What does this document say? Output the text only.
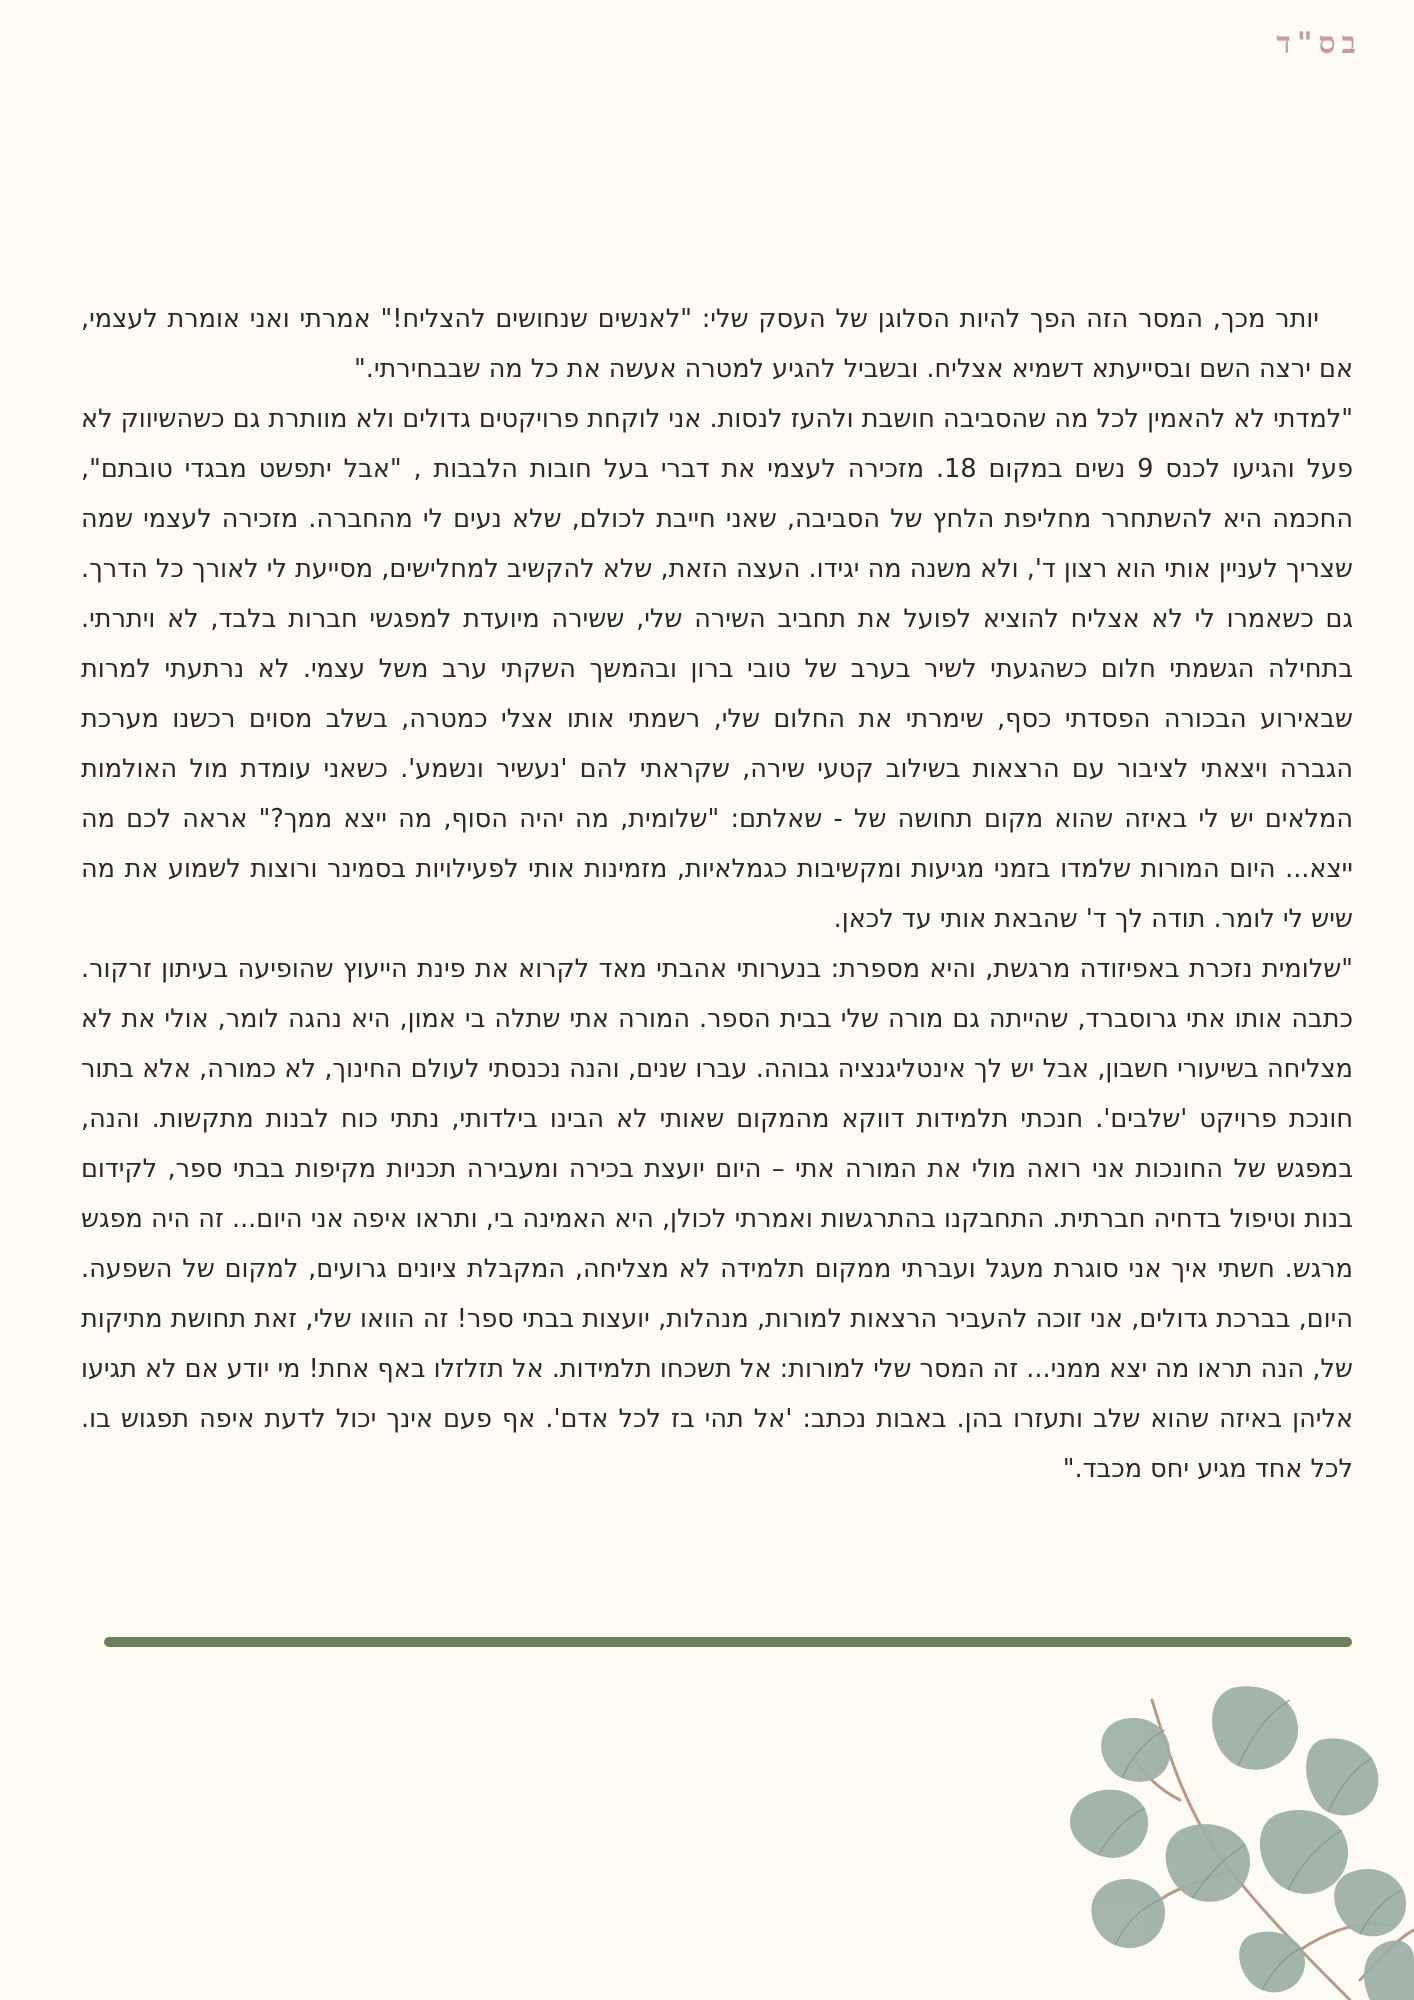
בס"ד

יותר מכך, המסר הזה הפך להיות הסלוגן של העסק שלי: "לאנשים שנחושים להצליח!" אמרתי ואני אומרת לעצמי, אם ירצה השם ובסייעתא דשמיא אצליח. ובשביל להגיע למטרה אעשה את כל מה שבבחירתי."

"למדתי לא להאמין לכל מה שהסביבה חושבת ולהעז לנסות. אני לוקחת פרויקטים גדולים ולא מוותרת גם כשהשיווק לא פעל והגיעו לכנס 9 נשים במקום 18. מזכירה לעצמי את דברי בעל חובות הלבבות , "אבל יתפשט מבגדי טובתם", החכמה היא להשתחרר מחליפת הלחץ של הסביבה, שאני חייבת לכולם, שלא נעים לי מהחברה. מזכירה לעצמי שמה שצריך לעניין אותי הוא רצון ד', ולא משנה מה יגידו. העצה הזאת, שלא להקשיב למחלישים, מסייעת לי לאורך כל הדרך. גם כשאמרו לי לא אצליח להוציא לפועל את תחביב השירה שלי, ששירה מיועדת למפגשי חברות בלבד, לא ויתרתי. בתחילה הגשמתי חלום כשהגעתי לשיר בערב של טובי ברון ובהמשך השקתי ערב משל עצמי. לא נרתעתי למרות שבאירוע הבכורה הפסדתי כסף, שימרתי את החלום שלי, רשמתי אותו אצלי כמטרה, בשלב מסוים רכשנו מערכת הגברה ויצאתי לציבור עם הרצאות בשילוב קטעי שירה, שקראתי להם 'נעשיר ונשמע'. כשאני עומדת מול האולמות המלאים יש לי באיזה שהוא מקום תחושה של - שאלתם: "שלומית, מה יהיה הסוף, מה ייצא ממך?" אראה לכם מה ייצא... היום המורות שלמדו בזמני מגיעות ומקשיבות כגמלאיות, מזמינות אותי לפעילויות בסמינר ורוצות לשמוע את מה שיש לי לומר. תודה לך ד' שהבאת אותי עד לכאן.

"שלומית נזכרת באפיזודה מרגשת, והיא מספרת: בנערותי אהבתי מאד לקרוא את פינת הייעוץ שהופיעה בעיתון זרקור. כתבה אותו אתי גרוסברד, שהייתה גם מורה שלי בבית הספר. המורה אתי שתלה בי אמון, היא נהגה לומר, אולי את לא מצליחה בשיעורי חשבון, אבל יש לך אינטליגנציה גבוהה. עברו שנים, והנה נכנסתי לעולם החינוך, לא כמורה, אלא בתור חונכת פרויקט 'שלבים'. חנכתי תלמידות דווקא מהמקום שאותי לא הבינו בילדותי, נתתי כוח לבנות מתקשות. והנה, במפגש של החונכות אני רואה מולי את המורה אתי – היום יועצת בכירה ומעבירה תכניות מקיפות בבתי ספר, לקידום בנות וטיפול בדחיה חברתית. התחבקנו בהתרגשות ואמרתי לכולן, היא האמינה בי, ותראו איפה אני היום... זה היה מפגש מרגש. חשתי איך אני סוגרת מעגל ועברתי ממקום תלמידה לא מצליחה, המקבלת ציונים גרועים, למקום של השפעה. היום, בברכת גדולים, אני זוכה להעביר הרצאות למורות, מנהלות, יועצות בבתי ספר! זה הוואו שלי, זאת תחושת מתיקות של, הנה תראו מה יצא ממני... זה המסר שלי למורות: אל תשכחו תלמידות. אל תזלזלו באף אחת! מי יודע אם לא תגיעו אליהן באיזה שהוא שלב ותעזרו בהן. באבות נכתב: 'אל תהי בז לכל אדם'. אף פעם אינך יכול לדעת איפה תפגוש בו. לכל אחד מגיע יחס מכבד."
